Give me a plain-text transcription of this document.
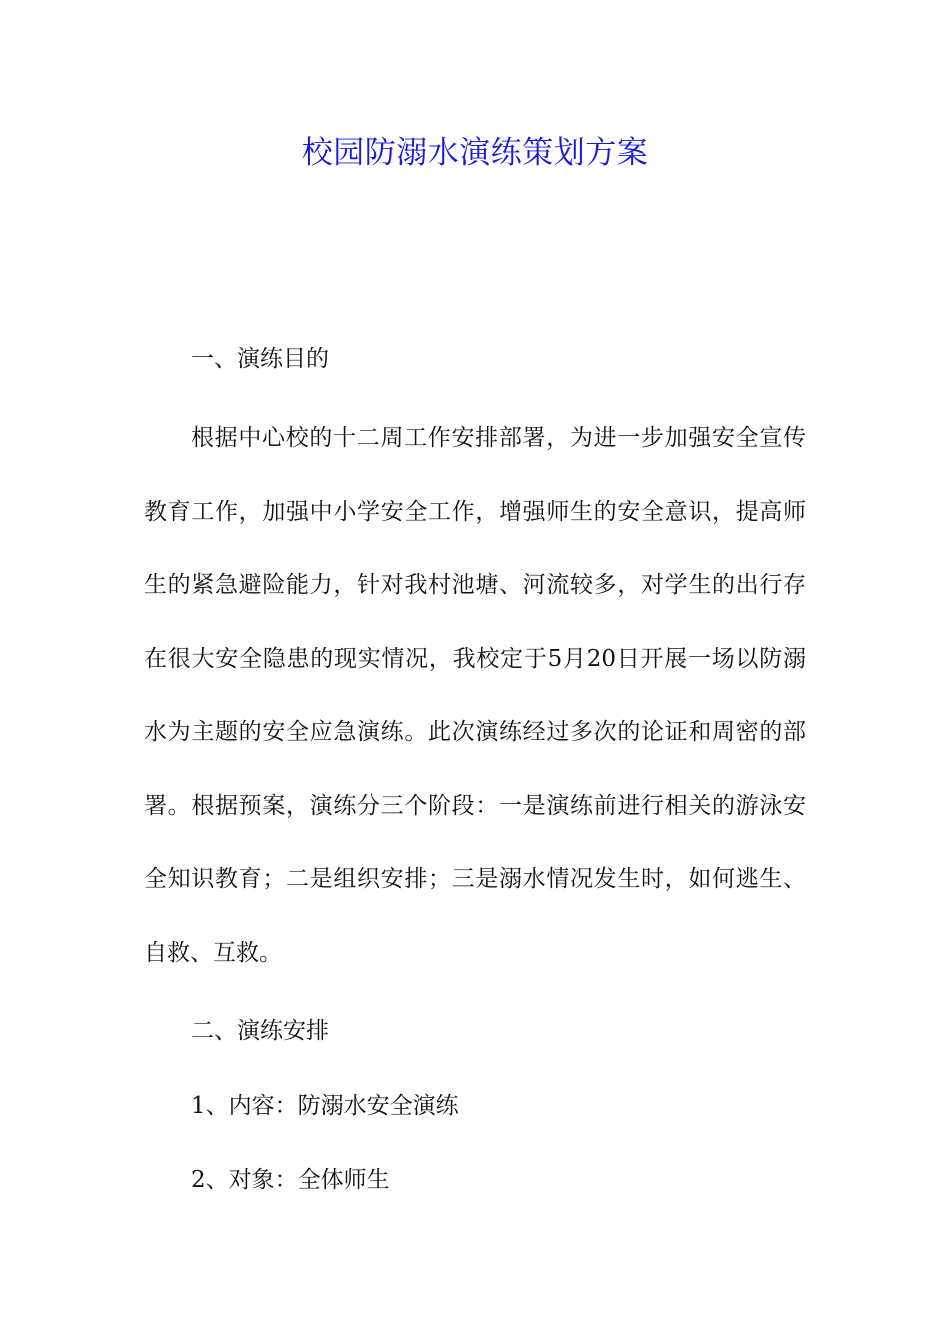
校园防溺水演练策划方案
一、演练目的

根据中心校的十二周工作安排部署，为进一步加强安全宣传教育工作，加强中小学安全工作，增强师生的安全意识，提高师生的紧急避险能力，针对我村池塘、河流较多，对学生的出行存在很大安全隐患的现实情况，我校定于5月20日开展一场以防溺水为主题的安全应急演练。此次演练经过多次的论证和周密的部署。根据预案，演练分三个阶段：一是演练前进行相关的游泳安全知识教育；二是组织安排；三是溺水情况发生时，如何逃生、自救、互救。

二、演练安排
1、内容：防溺水安全演练
2、对象：全体师生
